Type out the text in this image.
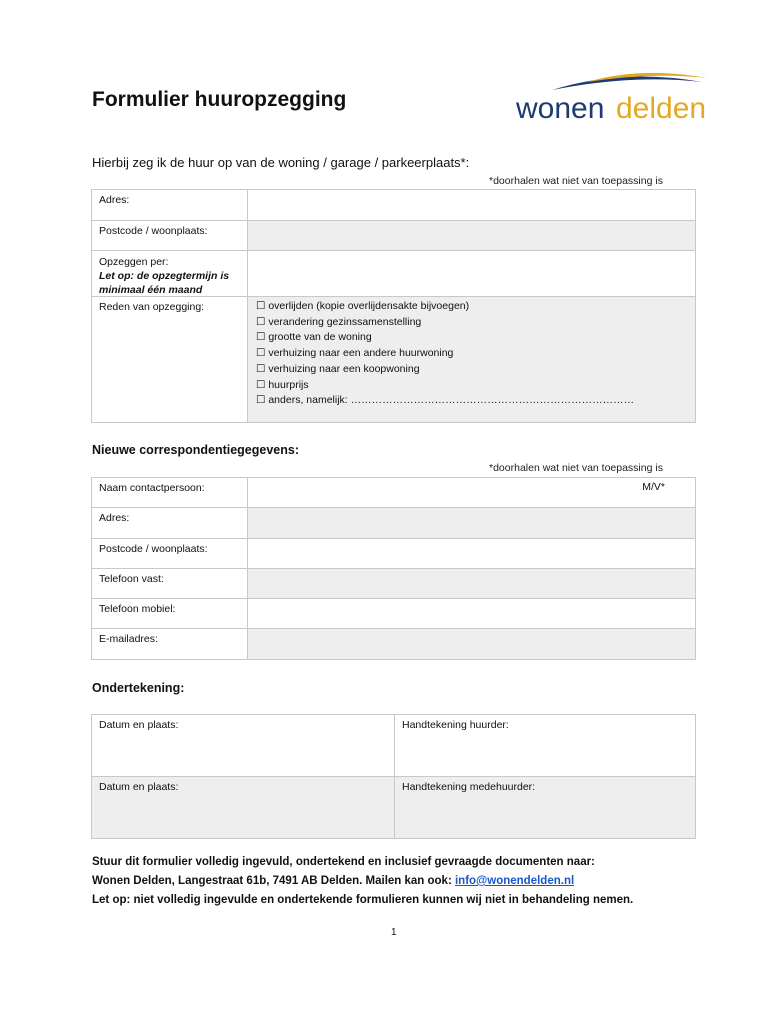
Formulier huuropzegging	wonen delden
Hierbij zeg ik de huur op van de woning / garage / parkeerplaats*:
*doorhalen wat niet van toepassing is
Adres:
Postcode / woonplaats:
Opzeggen per:
Let op: de opzegtermijn is
minimaal één maand
Reden van opzegging:	☐ overlijden (kopie overlijdensakte bijvoegen)
☐ verandering gezinssamenstelling
☐ grootte van de woning
☐ verhuizing naar een andere huurwoning
☐ verhuizing naar een koopwoning
☐ huurprijs
☐ anders, namelijk: ………………………………………………………………………
Nieuwe correspondentiegegevens:
*doorhalen wat niet van toepassing is
Naam contactpersoon:	M/V*
Adres:
Postcode / woonplaats:
Telefoon vast:
Telefoon mobiel:
E-mailadres:
Ondertekening:
Datum en plaats:	Handtekening huurder:
Datum en plaats:	Handtekening medehuurder:
Stuur dit formulier volledig ingevuld, ondertekend en inclusief gevraagde documenten naar:
Wonen Delden, Langestraat 61b, 7491 AB Delden. Mailen kan ook: info@wonendelden.nl
Let op: niet volledig ingevulde en ondertekende formulieren kunnen wij niet in behandeling nemen.
1
